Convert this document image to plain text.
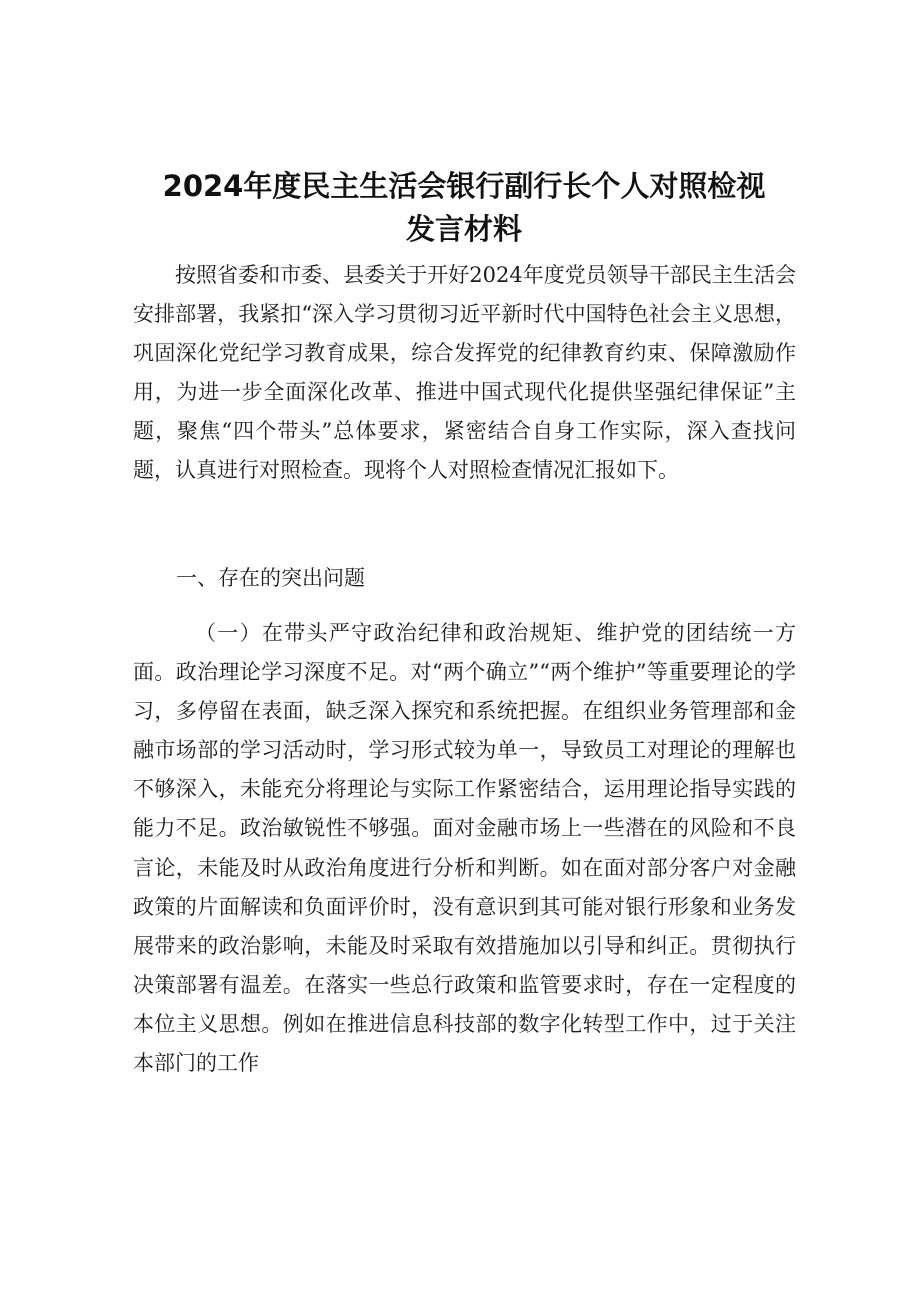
2024年度民主生活会银行副行长个人对照检视
发言材料

按照省委和市委、县委关于开好2024年度党员领导干部民主生活会安排部署，我紧扣“深入学习贯彻习近平新时代中国特色社会主义思想，巩固深化党纪学习教育成果，综合发挥党的纪律教育约束、保障激励作用，为进一步全面深化改革、推进中国式现代化提供坚强纪律保证”主题，聚焦“四个带头”总体要求，紧密结合自身工作实际，深入查找问题，认真进行对照检查。现将个人对照检查情况汇报如下。

一、存在的突出问题

（一）在带头严守政治纪律和政治规矩、维护党的团结统一方面。政治理论学习深度不足。对“两个确立”“两个维护”等重要理论的学习，多停留在表面，缺乏深入探究和系统把握。在组织业务管理部和金融市场部的学习活动时，学习形式较为单一，导致员工对理论的理解也不够深入，未能充分将理论与实际工作紧密结合，运用理论指导实践的能力不足。政治敏锐性不够强。面对金融市场上一些潜在的风险和不良言论，未能及时从政治角度进行分析和判断。如在面对部分客户对金融政策的片面解读和负面评价时，没有意识到其可能对银行形象和业务发展带来的政治影响，未能及时采取有效措施加以引导和纠正。贯彻执行决策部署有温差。在落实一些总行政策和监管要求时，存在一定程度的本位主义思想。例如在推进信息科技部的数字化转型工作中，过于关注本部门的工作
